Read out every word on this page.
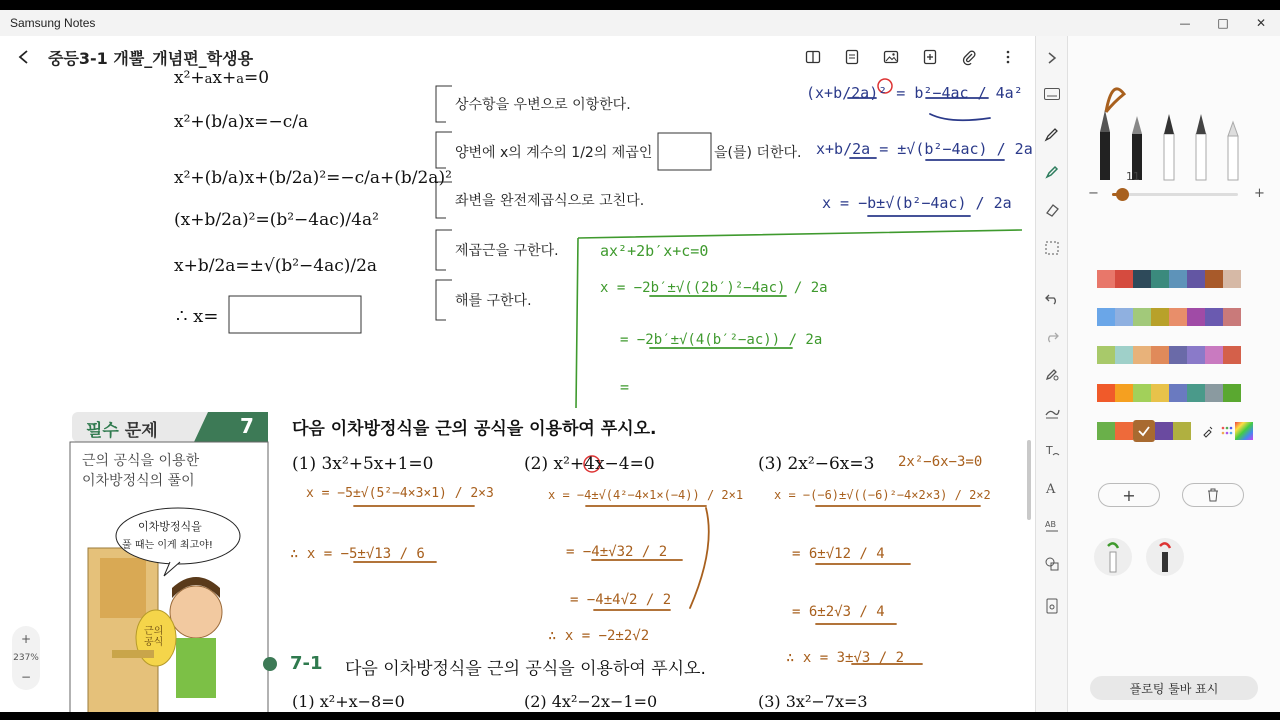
Samsung Notes	— □ ✕
중등3-1 개뿔_개념편_학생용
x²+ax+a=0
x²+(b/a)x=−c/a
x²+(b/a)x+(b/2a)²=−c/a+(b/2a)²
(x+b/2a)²=(b²−4ac)/4a²
x+b/2a=±√(b²−4ac)/2a
∴ x=
상수항을 우변으로 이항한다.
양변에 x의 계수의 1/2의 제곱인	을(를) 더한다.
좌변을 완전제곱식으로 고친다.
제곱근을 구한다.
해를 구한다.
(x+b/2a)² = b²−4ac / 4a²
x+b/2a = ±√(b²−4ac) / 2a
x = −b±√(b²−4ac) / 2a
ax²+2b′x+c=0
x = −2b′±√((2b′)²−4ac) / 2a
= −2b′±√(4(b′²−ac)) / 2a
=
필수 문제	7 다음 이차방정식을 근의 공식을 이용하여 푸시오.
근의 공식을 이용한
이차방정식의 풀이
이차방정식을
풀 때는 이게 최고야!
근의 공식
(1) 3x²+5x+1=0	(2) x²+4x−4=0	(3) 2x²−6x=3 2x²−6x−3=0
x = −5±√(5²−4×3×1) / 2×3
∴ x = −5±√13 / 6
x = −4±√(4²−4×1×(−4)) / 2×1
= −4±√32 / 2
= −4±4√2 / 2
∴ x = −2±2√2
x = −(−6)±√((−6)²−4×2×3) / 2×2
= 6±√12 / 4
= 6±2√3 / 4
∴ x = 3±√3 / 2
7-1 다음 이차방정식을 근의 공식을 이용하여 푸시오.
(1) x²+x−8=0	(2) 4x²−2x−1=0	(3) 3x²−7x=3
+
237%
−
T
A
AB
11
−	+
+
플로팅 툴바 표시
